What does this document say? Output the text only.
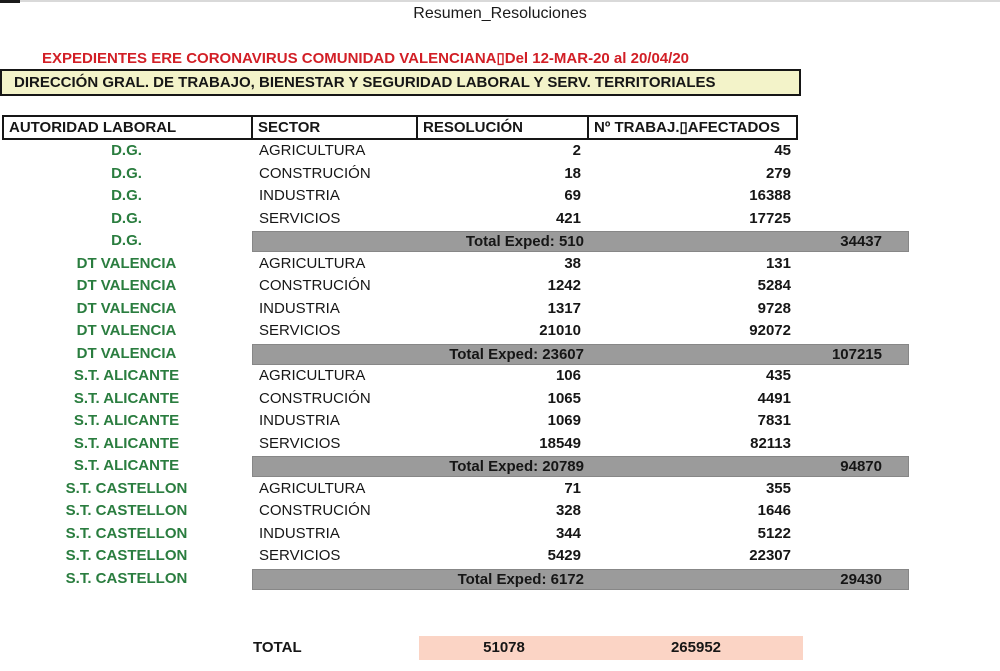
Resumen_Resoluciones
EXPEDIENTES ERE CORONAVIRUS COMUNIDAD VALENCIANA▯Del 12-MAR-20 al 20/04/20
DIRECCIÓN GRAL. DE TRABAJO, BIENESTAR Y SEGURIDAD LABORAL Y SERV. TERRITORIALES
AUTORIDAD LABORAL	SECTOR	RESOLUCIÓN	Nº TRABAJ.▯AFECTADOS
D.G.	AGRICULTURA	2	45
D.G.	CONSTRUCIÓN	18	279
D.G.	INDUSTRIA	69	16388
D.G.	SERVICIOS	421	17725
D.G.	Total Exped: 510	34437
DT VALENCIA	AGRICULTURA	38	131
DT VALENCIA	CONSTRUCIÓN	1242	5284
DT VALENCIA	INDUSTRIA	1317	9728
DT VALENCIA	SERVICIOS	21010	92072
DT VALENCIA	Total Exped: 23607	107215
S.T. ALICANTE	AGRICULTURA	106	435
S.T. ALICANTE	CONSTRUCIÓN	1065	4491
S.T. ALICANTE	INDUSTRIA	1069	7831
S.T. ALICANTE	SERVICIOS	18549	82113
S.T. ALICANTE	Total Exped: 20789	94870
S.T. CASTELLON	AGRICULTURA	71	355
S.T. CASTELLON	CONSTRUCIÓN	328	1646
S.T. CASTELLON	INDUSTRIA	344	5122
S.T. CASTELLON	SERVICIOS	5429	22307
S.T. CASTELLON	Total Exped: 6172	29430
TOTAL	51078	265952
